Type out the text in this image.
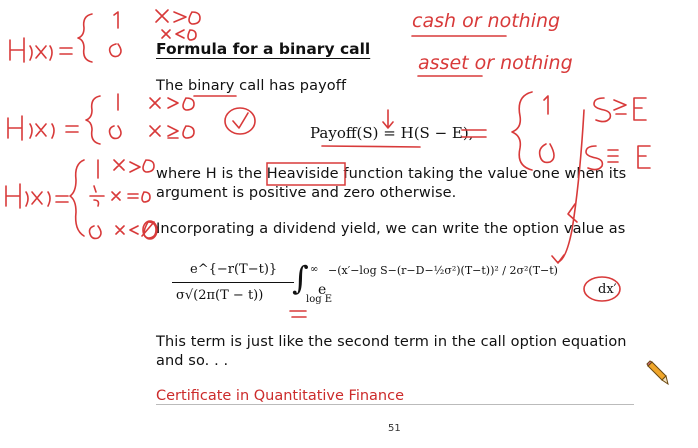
Formula for a binary call
The binary call has payoff
Payoff(S) = H(S − E),
where H is the Heaviside function taking the value one when its
argument is positive and zero otherwise.
Incorporating a dividend yield, we can write the option value as
e^{−r(T−t)}
σ√(2π(T − t)) ∫ ∞
log E
e
−(x′−log S−(r−D−½σ²)(T−t))² / 2σ²(T−t)
dx′
This term is just like the second term in the call option equation
and so. . .
Certificate in Quantitative Finance
51
cash or nothing
asset or nothing
